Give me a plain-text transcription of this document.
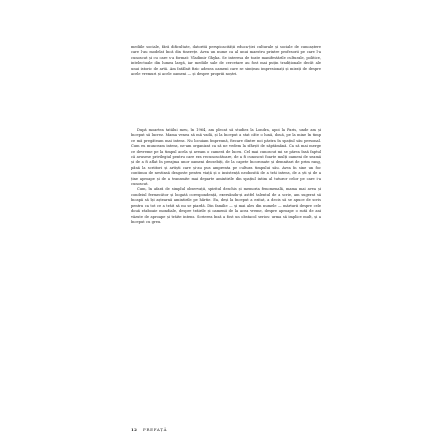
mediile sociale, fără dificultate, datorită perspicacității educa-ției culturale și sociale de cunoaștere care l-au modelat încă din tinerețe. Avea un nume ca al unui maestru printre profesorii pe care l-a cunoscut și cu care s-a format: Vladimir Ghyka. Se interesa de toate manifestările culturale, politice, intelectuale din lumea largă, iar mediile sale de cercetare au fost mai puțin tradiționale decât ale unui istoric de artă. Am întâlnit fizic adesea oameni care se simțeau impresionați și mirați de despre acele vremuri și acele oameni — și despre propriii noștri.

După moartea tatălui meu, în 1964, am plecat să studiez la Londra, apoi la Paris, unde am și început să lucrez. Mama venea să mă vadă, și la început a stat câte o lună, două, pe la mine în timp ce mă pregăteam mai intens. Nu locuiam împreună, fiecare dintre noi păstra în spațiul său personal. Cum eu munceam intens, ne-am organizat ca să ne vedem la sfârșit de săptămână. Ca să mai merge ce devreme pe la timpul acela și aveam o cameră de lucru. Cel mai cunoscut mi se părea însă faptul că avusese privilegiul pentru care era recunoscătoare, de a fi cunoscut foarte mulți oameni de seamă și de a fi aflat în preajma unor oameni deosebiți, de la capete încoronate și demnitari de prim rang, până la scriitori și artiști care și-au pus amprenta pe cultura timpului său. Avea în sine un foc continuu de nestinsă dragoste pentru viață și o insistență neobosită de a trăi intens, de a ști și de a ține aproape și de a transmite mai departe amintirile din spațiul intim al tuturor celor pe care i-a cunoscut.
Cum, în afară de simplul observații, spiritul deschis și memoria fenomenală, mama mai avea și condeiul fermecător și bogată corespondență, exersându-și astfel talentul de a scrie, am sugerat să încapă să își aștearnă amintirile pe hârtie. Ea, deși la început a ezitat, a decis să se apuce de scris pentru ca tot ce a trăit să nu se piardă. Din familie — și mai ales din numele — mărturii despre cele două războaie mondiale, despre trăirile și oamenii de la acea vreme, despre aproape o sută de ani văzute de aproape și trăite intens. Scrierea însă a fost un obstacol serios: urma să implice mult, și a început cu greu.
12 PREFAȚĂ
